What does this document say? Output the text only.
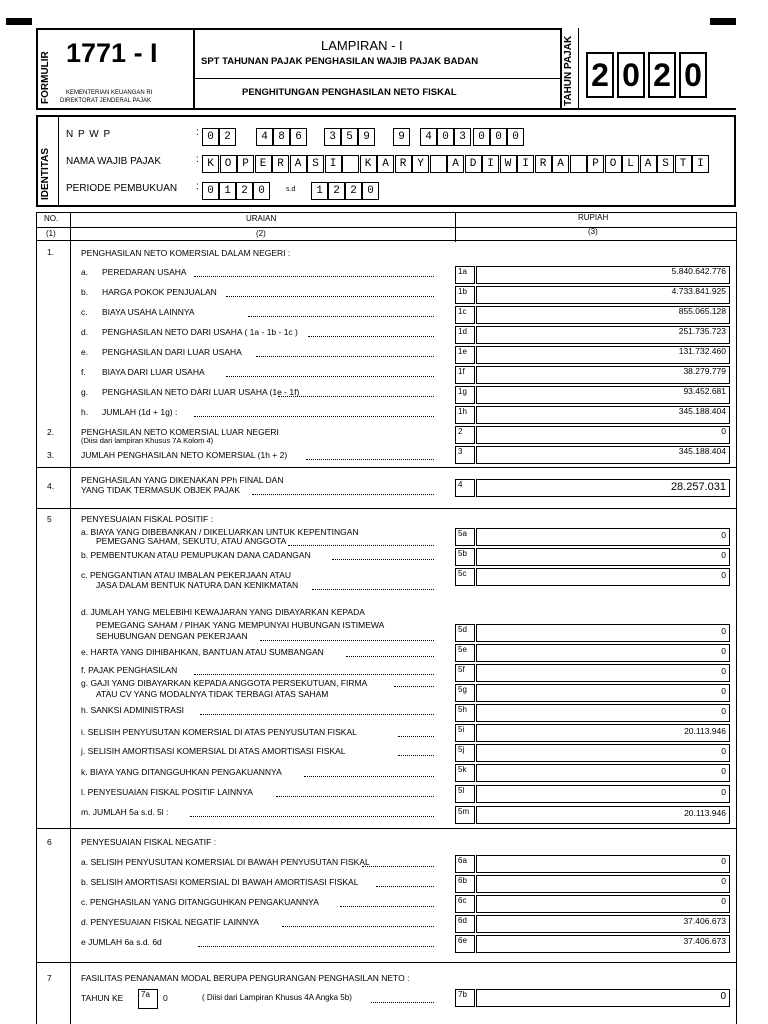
FORMULIR 1771 - I
KEMENTERIAN KEUANGAN RI
DIREKTORAT JENDERAL PAJAK
LAMPIRAN - I
SPT TAHUNAN PAJAK PENGHASILAN WAJIB PAJAK BADAN
PENGHITUNGAN PENGHASILAN NETO FISKAL	TAHUN PAJAK 2 0 2 0
IDENTITAS
N P W P	: 0 2	4 8 6	3 5 9	9	4 0 3	0 0 0
NAMA WAJIB PAJAK	: K O P E R A S I	K A R Y	A D I W I R A	P O L A S T I
PERIODE PEMBUKUAN : 0 1 2 0	s.d	1 2 2 0
NO.	URAIAN	RUPIAH
(1)	(2)	(3)
1.	PENGHASILAN NETO KOMERSIAL DALAM NEGERI :
a. PEREDARAN USAHA	1a	5.840.642.776
b. HARGA POKOK PENJUALAN	1b	4.733.841.925
c. BIAYA USAHA LAINNYA	1c	855.065.128
d. PENGHASILAN NETO DARI USAHA ( 1a - 1b - 1c )	1d	251.735.723
e. PENGHASILAN DARI LUAR USAHA	1e	131.732.460
f. BIAYA DARI LUAR USAHA	1f	38.279.779
g. PENGHASILAN NETO DARI LUAR USAHA (1e - 1f)	1g	93.452.681
h. JUMLAH (1d + 1g) :	1h	345.188.404
2.	PENGHASILAN NETO KOMERSIAL LUAR NEGERI
(Diisi dari lampiran Khusus 7A Kolom 4)
2	0
3.	JUMLAH PENGHASILAN NETO KOMERSIAL (1h + 2)	3	345.188.404
4.
PENGHASILAN YANG DIKENAKAN PPh FINAL DAN
YANG TIDAK TERMASUK OBJEK PAJAK
4	28.257.031
5	PENYESUAIAN FISKAL POSITIF :
a. BIAYA YANG DIBEBANKAN / DIKELUARKAN UNTUK KEPENTINGAN
PEMEGANG SAHAM, SEKUTU, ATAU ANGGOTA
5a	0
b. PEMBENTUKAN ATAU PEMUPUKAN DANA CADANGAN	5b	0
c. PENGGANTIAN ATAU IMBALAN PEKERJAAN ATAU
JASA DALAM BENTUK NATURA DAN KENIKMATAN
5c	0
d. JUMLAH YANG MELEBIHI KEWAJARAN YANG DIBAYARKAN KEPADA
PEMEGANG SAHAM / PIHAK YANG MEMPUNYAI HUBUNGAN ISTIMEWA
SEHUBUNGAN DENGAN PEKERJAAN
5d	0
e. HARTA YANG DIHIBAHKAN, BANTUAN ATAU SUMBANGAN	5e	0
f. PAJAK PENGHASILAN	5f	0
g. GAJI YANG DIBAYARKAN KEPADA ANGGOTA PERSEKUTUAN, FIRMA
ATAU CV YANG MODALNYA TIDAK TERBAGI ATAS SAHAM	5g	0
h. SANKSI ADMINISTRASI	5h	0
i. SELISIH PENYUSUTAN KOMERSIAL DI ATAS PENYUSUTAN FISKAL	5i	20.113.946
j. SELISIH AMORTISASI KOMERSIAL DI ATAS AMORTISASI FISKAL	5j	0
k. BIAYA YANG DITANGGUHKAN PENGAKUANNYA	5k	0
l. PENYESUAIAN FISKAL POSITIF LAINNYA	5l	0
m. JUMLAH 5a s.d. 5l :	5m	20.113.946
6	PENYESUAIAN FISKAL NEGATIF :
a. SELISIH PENYUSUTAN KOMERSIAL DI BAWAH PENYUSUTAN FISKAL	6a	0
b. SELISIH AMORTISASI KOMERSIAL DI BAWAH AMORTISASI FISKAL	6b	0
c. PENGHASILAN YANG DITANGGUHKAN PENGAKUANNYA	6c	0
d. PENYESUAIAN FISKAL NEGATIF LAINNYA	6d	37.406.673
e JUMLAH 6a s.d. 6d	6e	37.406.673
7	FASILITAS PENANAMAN MODAL BERUPA PENGURANGAN PENGHASILAN NETO :
TAHUN KE 7a 0	( Diisi dari Lampiran Khusus 4A Angka 5b)	7b	0
